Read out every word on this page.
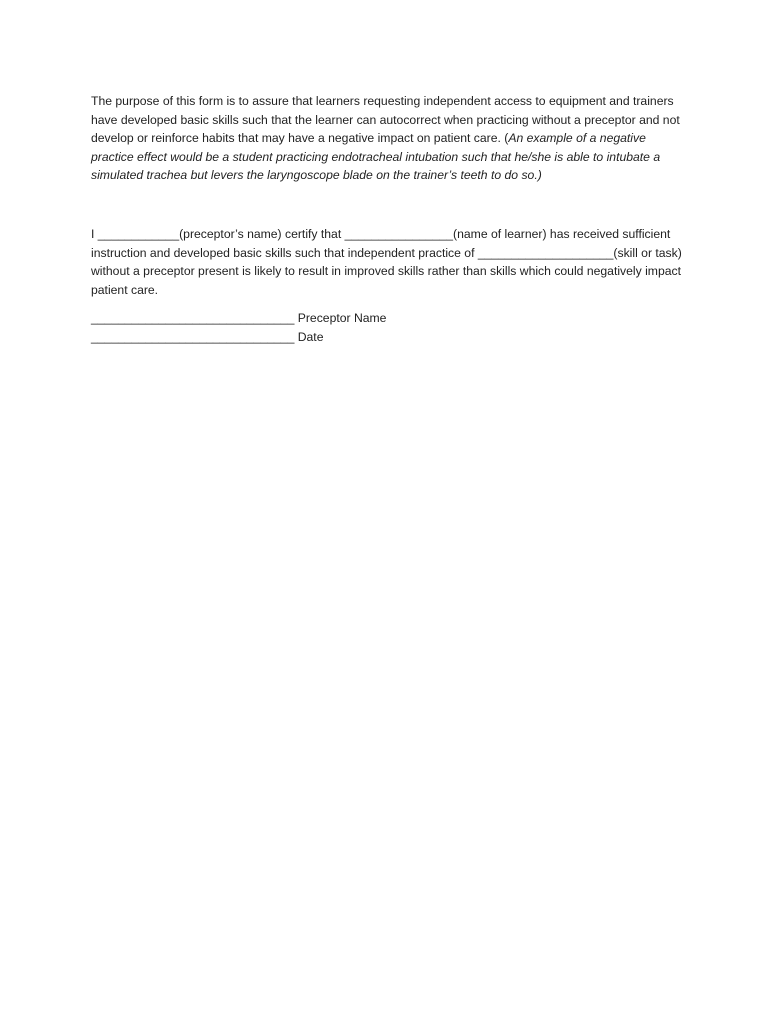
The purpose of this form is to assure that learners requesting independent access to equipment and trainers have developed basic skills such that the learner can autocorrect when practicing without a preceptor and not develop or reinforce habits that may have a negative impact on patient care. (An example of a negative practice effect would be a student practicing endotracheal intubation such that he/she is able to intubate a simulated trachea but levers the laryngoscope blade on the trainer’s teeth to do so.)

I ____________(preceptor’s name) certify that ________________(name of learner) has received sufficient instruction and developed basic skills such that independent practice of ____________________(skill or task) without a preceptor present is likely to result in improved skills rather than skills which could negatively impact patient care.

______________________________ Preceptor Name

______________________________ Date
